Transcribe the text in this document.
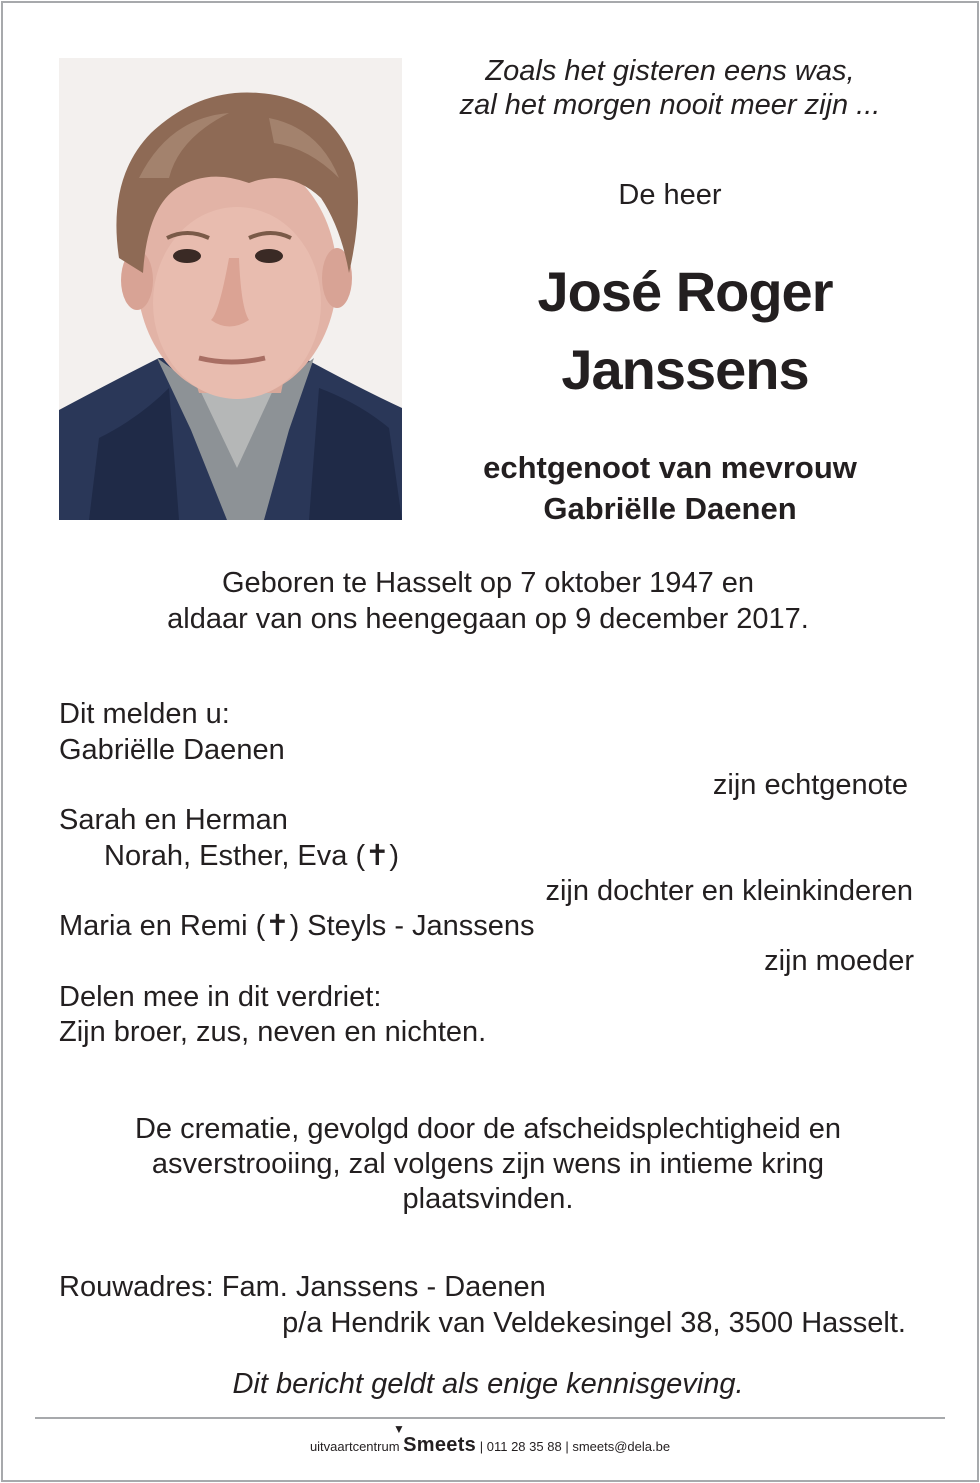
Zoals het gisteren eens was,
zal het morgen nooit meer zijn ...
De heer
José Roger
Janssens
echtgenoot van mevrouw
Gabriëlle Daenen
Geboren te Hasselt op 7 oktober 1947 en
aldaar van ons heengegaan op 9 december 2017.
Dit melden u:
Gabriëlle Daenen
zijn echtgenote
Sarah en Herman
Norah, Esther, Eva (✝)
zijn dochter en kleinkinderen
Maria en Remi (✝) Steyls - Janssens
zijn moeder
Delen mee in dit verdriet:
Zijn broer, zus, neven en nichten.
De crematie, gevolgd door de afscheidsplechtigheid en
asverstrooiing, zal volgens zijn wens in intieme kring
plaatsvinden.
Rouwadres: Fam. Janssens - Daenen
p/a Hendrik van Veldekesingel 38, 3500 Hasselt.
Dit bericht geldt als enige kennisgeving.
▼
uitvaartcentrum Smeets | 011 28 35 88 | smeets@dela.be
